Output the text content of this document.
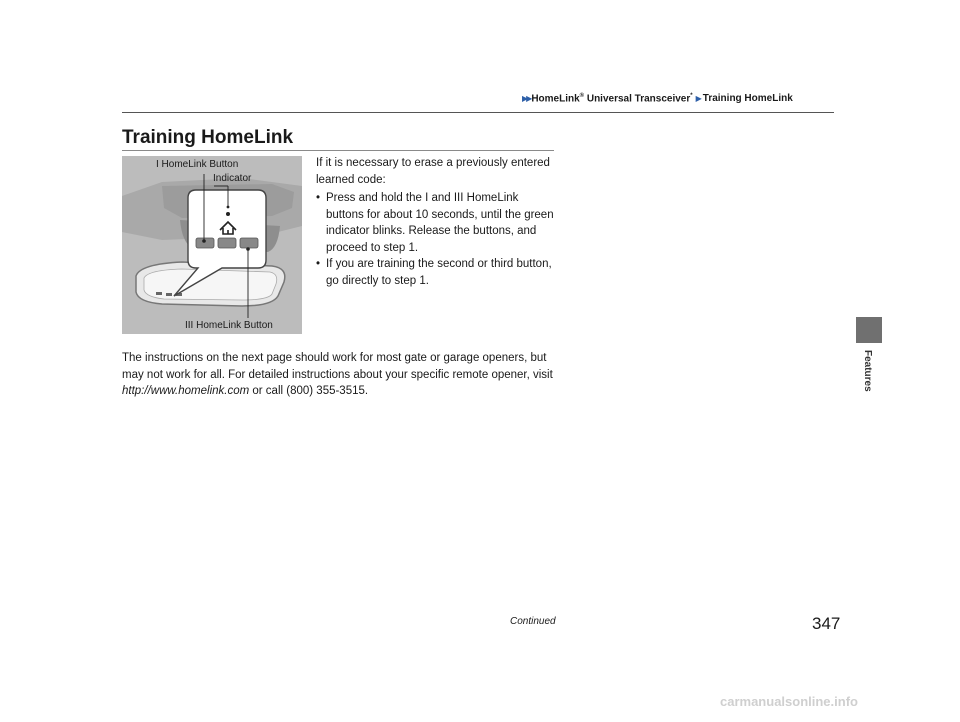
▶▶ HomeLink® Universal Transceiver* ▶ Training HomeLink
Training HomeLink
I HomeLink Button
Indicator
III HomeLink Button

If it is necessary to erase a previously entered learned code:

• Press and hold the I and III HomeLink buttons for about 10 seconds, until the green indicator blinks. Release the buttons, and proceed to step 1.
• If you are training the second or third button, go directly to step 1.

The instructions on the next page should work for most gate or garage openers, but may not work for all. For detailed instructions about your specific remote opener, visit http://www.homelink.com or call (800) 355-3515.	Features
Continued	347
carmanualsonline.info
